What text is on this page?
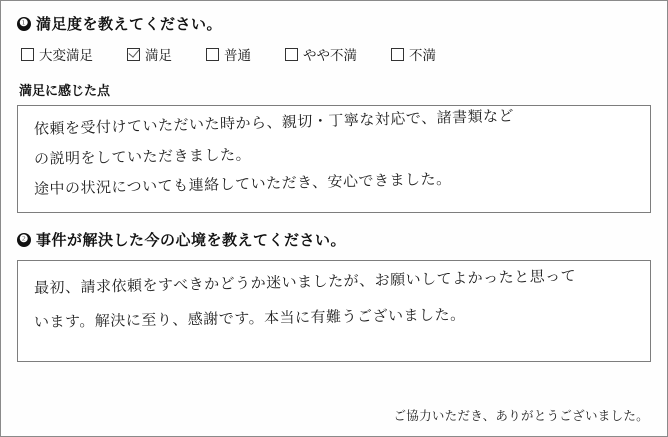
❶ 満足度を教えてください。
大変満足	満足	普通	やや不満	不満
満足に感じた点
依頼を受付けていただいた時から、親切・丁寧な対応で、諸書類など
の説明をしていただきました。
途中の状況についても連絡していただき、安心できました。
❷ 事件が解決した今の心境を教えてください。
最初、請求依頼をすべきかどうか迷いましたが、お願いしてよかったと思って
います。解決に至り、感謝です。本当に有難うございました。
ご協力いただき、ありがとうございました。
